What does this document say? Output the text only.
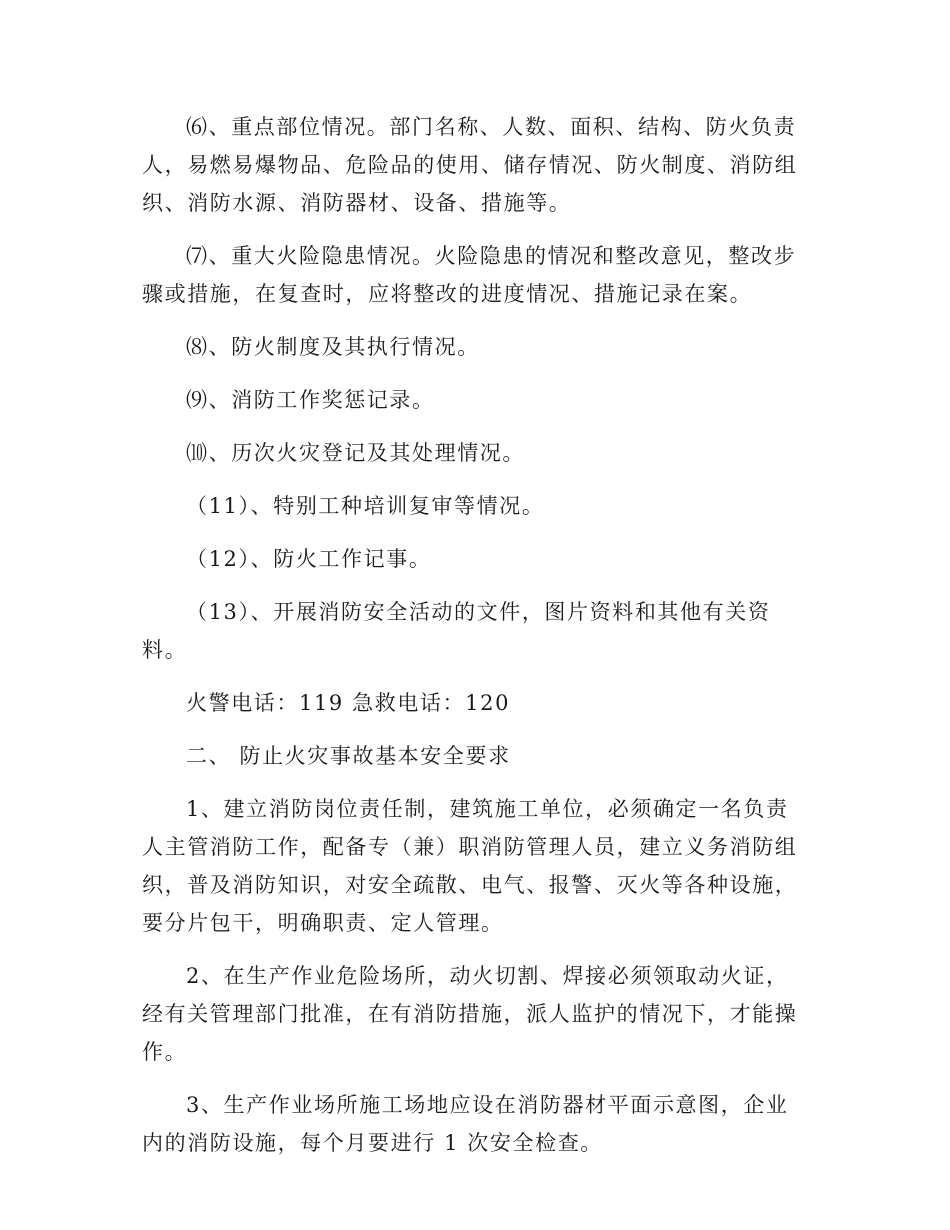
⑹、重点部位情况。部门名称、人数、面积、结构、防火负责人，易燃易爆物品、危险品的使用、储存情况、防火制度、消防组织、消防水源、消防器材、设备、措施等。

⑺、重大火险隐患情况。火险隐患的情况和整改意见，整改步骤或措施，在复查时，应将整改的进度情况、措施记录在案。

⑻、防火制度及其执行情况。

⑼、消防工作奖惩记录。

⑽、历次火灾登记及其处理情况。

（11）、特别工种培训复审等情况。

（12）、防火工作记事。

（13）、开展消防安全活动的文件，图片资料和其他有关资料。

火警电话：119 急救电话：120

二、 防止火灾事故基本安全要求

1、建立消防岗位责任制，建筑施工单位，必须确定一名负责人主管消防工作，配备专（兼）职消防管理人员，建立义务消防组织，普及消防知识，对安全疏散、电气、报警、灭火等各种设施，要分片包干，明确职责、定人管理。

2、在生产作业危险场所，动火切割、焊接必须领取动火证，经有关管理部门批准，在有消防措施，派人监护的情况下，才能操作。

3、生产作业场所施工场地应设在消防器材平面示意图，企业内的消防设施，每个月要进行 1 次安全检查。
